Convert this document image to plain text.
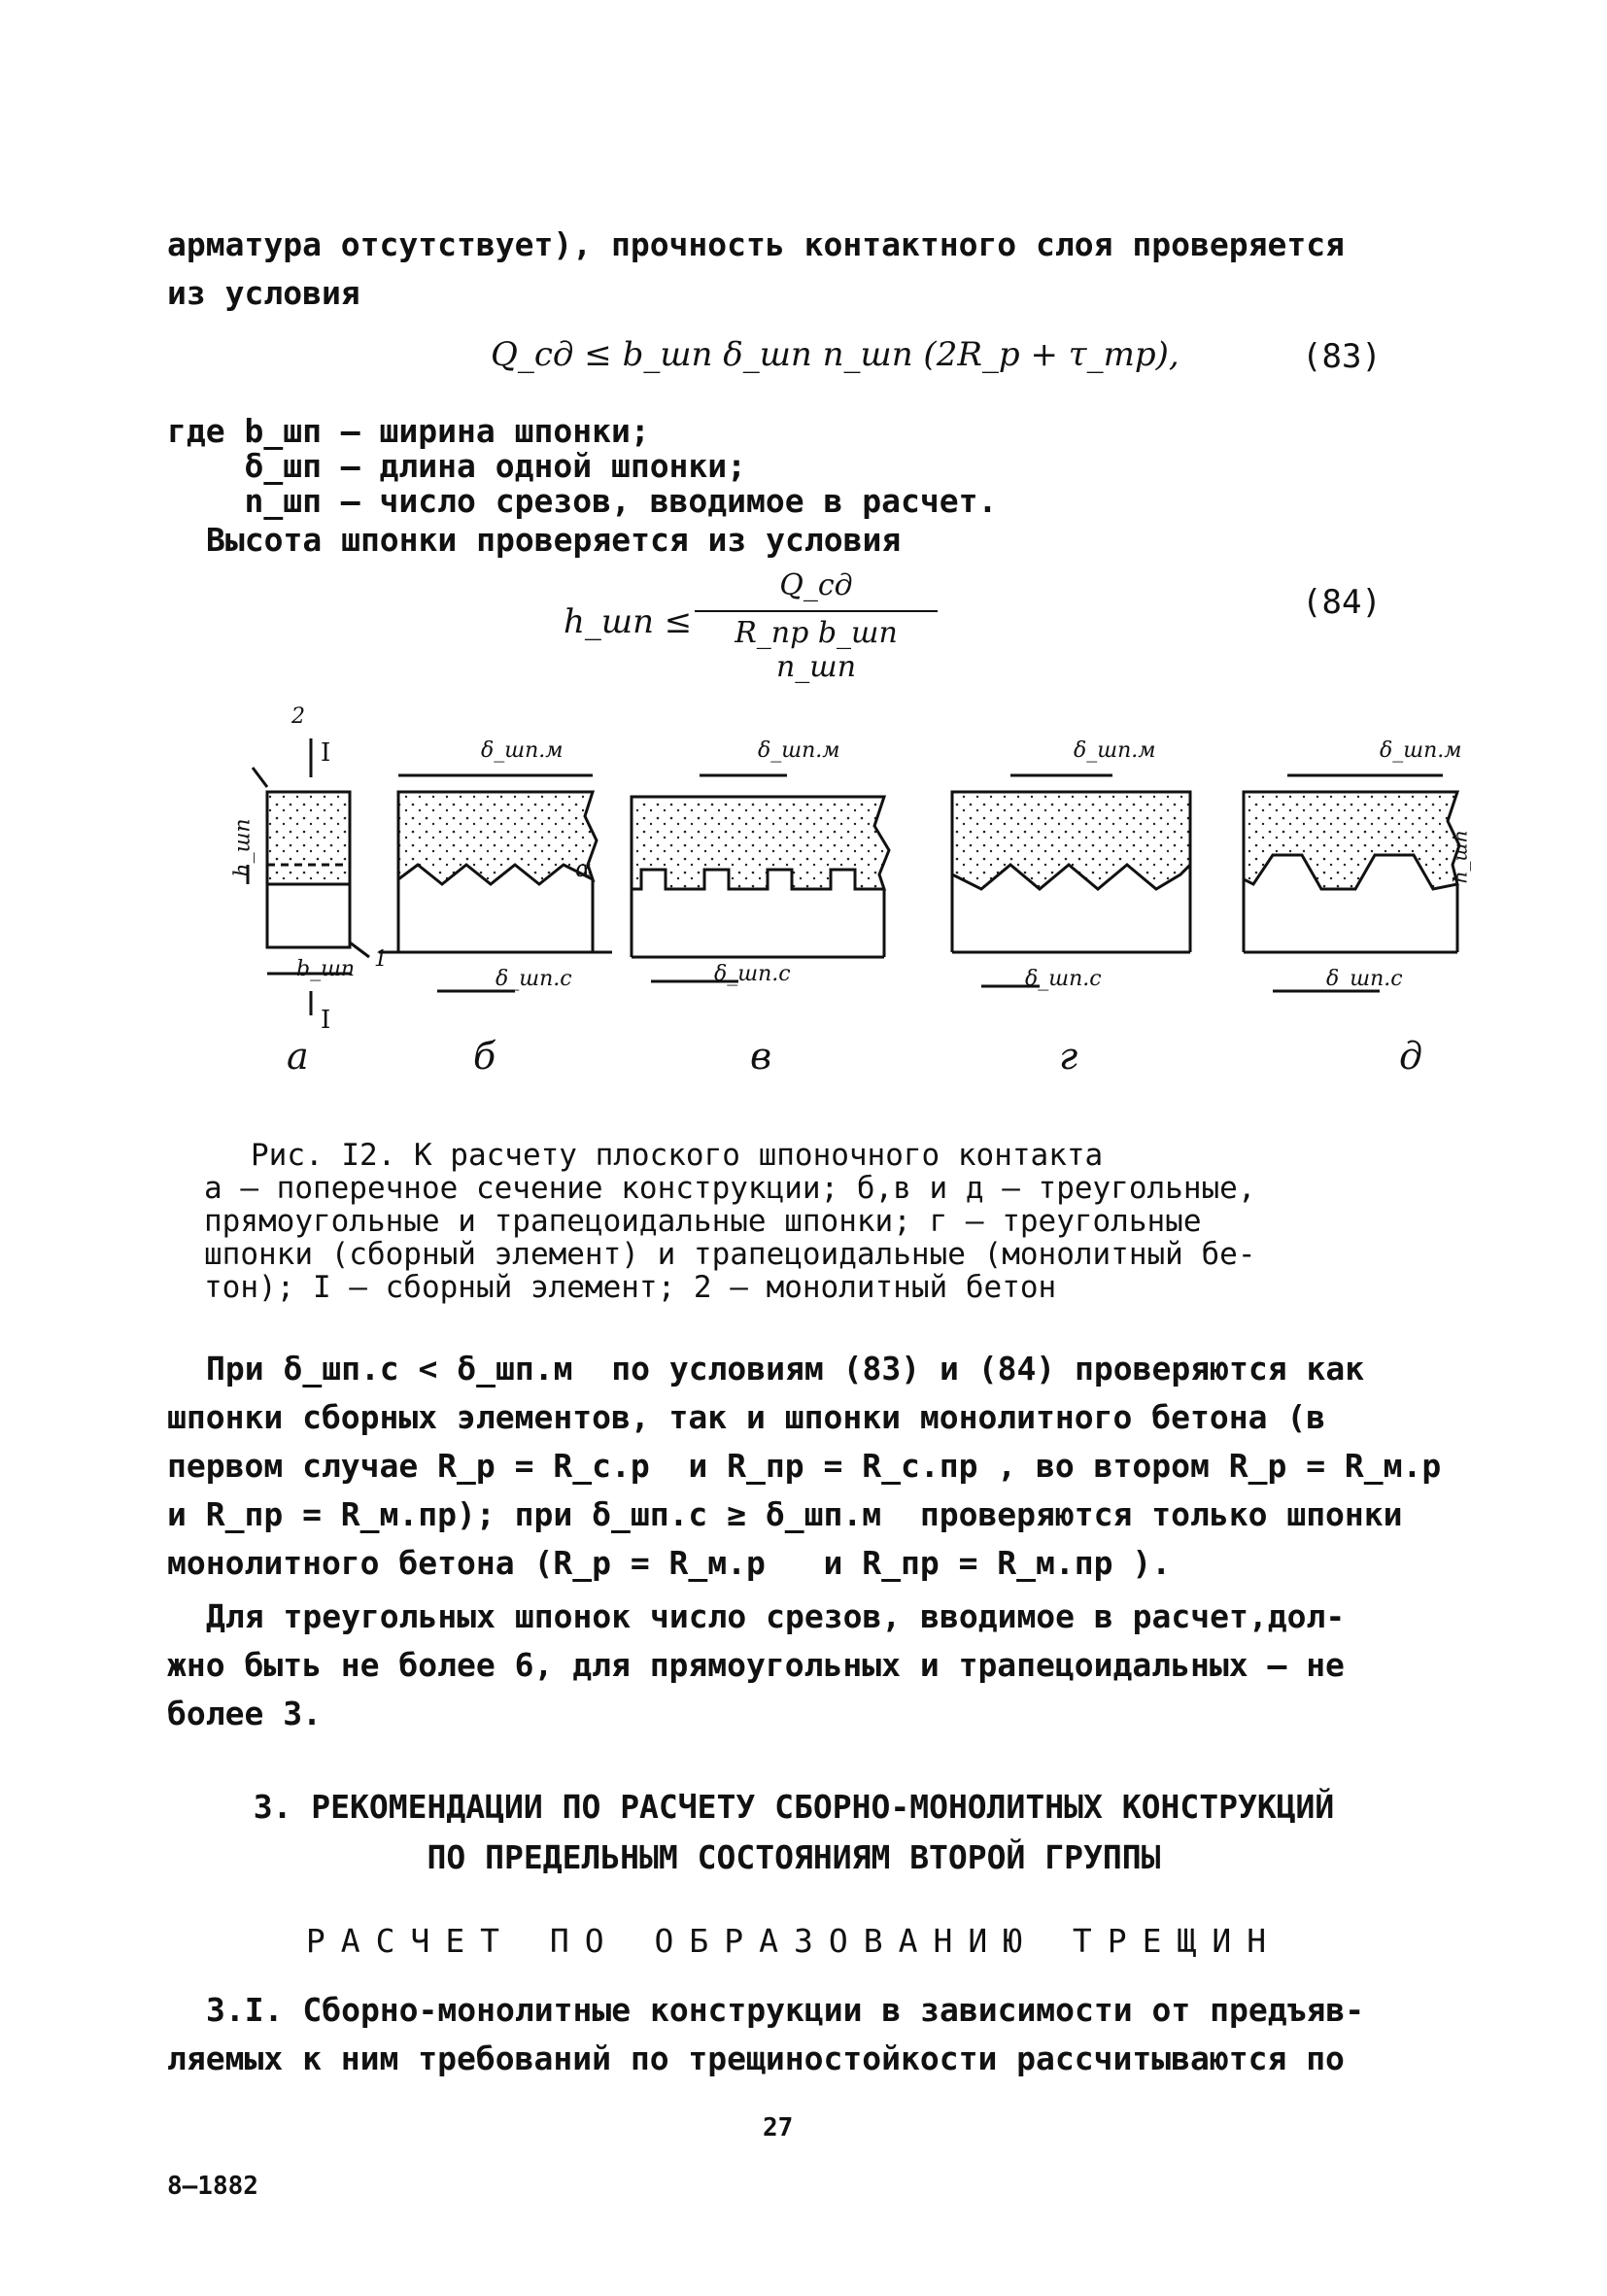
арматура отсутствует), прочность контактного слоя проверяется
из условия
Q_сд ≤ b_шп δ_шп n_шп (2R_p + τ_тр),	(83)
где b_шп – ширина шпонки;
δ_шп – длина одной шпонки;
n_шп – число срезов, вводимое в расчет.
Высота шпонки проверяется из условия
h_шп ≤
Q_сд
R_пр b_шп n_шп
(84)
2
I
I
h_шп
b_шп 1
δ_шп.м
δ_шп.с
α
δ_шп.м
δ_шп.с
δ_шп.м
δ_шп.с
δ_шп.м
δ_шп.с
h_шп
а	б	в	г	д
Рис. I2. К расчету плоского шпоночного контакта
а – поперечное сечение конструкции; б,в и д – треугольные,
прямоугольные и трапецоидальные шпонки; г – треугольные
шпонки (сборный элемент) и трапецоидальные (монолитный бе-
тон); I – сборный элемент; 2 – монолитный бетон
При δ_шп.с < δ_шп.м  по условиям (83) и (84) проверяются как
шпонки сборных элементов, так и шпонки монолитного бетона (в
первом случае R_p = R_c.p  и R_пр = R_c.пр , во втором R_p = R_м.р
и R_пр = R_м.пр); при δ_шп.с ≥ δ_шп.м  проверяются только шпонки
монолитного бетона (R_p = R_м.р   и R_пр = R_м.пр ).
Для треугольных шпонок число срезов, вводимое в расчет,дол-
жно быть не более 6, для прямоугольных и трапецоидальных – не
более 3.
3. РЕКОМЕНДАЦИИ ПО РАСЧЕТУ СБОРНО-МОНОЛИТНЫХ КОНСТРУКЦИЙ
ПО ПРЕДЕЛЬНЫМ СОСТОЯНИЯМ ВТОРОЙ ГРУППЫ
РАСЧЕТ ПО ОБРАЗОВАНИЮ ТРЕЩИН
3.I. Сборно-монолитные конструкции в зависимости от предъяв-
ляемых к ним требований по трещиностойкости рассчитываются по
27
8–1882
